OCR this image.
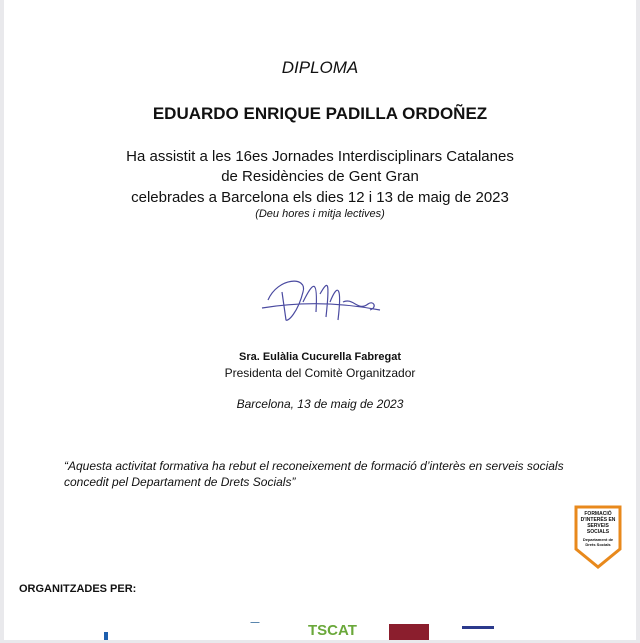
DIPLOMA
EDUARDO ENRIQUE PADILLA ORDOÑEZ
Ha assistit a les 16es Jornades Interdisciplinars Catalanes
de Residències de Gent Gran
celebrades a Barcelona els dies 12 i 13 de maig de 2023
(Deu hores i mitja lectives)
Sra. Eulàlia Cucurella Fabregat
Presidenta del Comitè Organitzador
Barcelona, 13 de maig de 2023
“Aquesta activitat formativa ha rebut el reconeixement de formació d’interès en serveis socials
concedit pel Departament de Drets Socials”
FORMACIÓ D'INTERÈS EN SERVEIS SOCIALS
Departament de Drets Socials
ORGANITZADES PER:
▬▬▬	TSCAT
